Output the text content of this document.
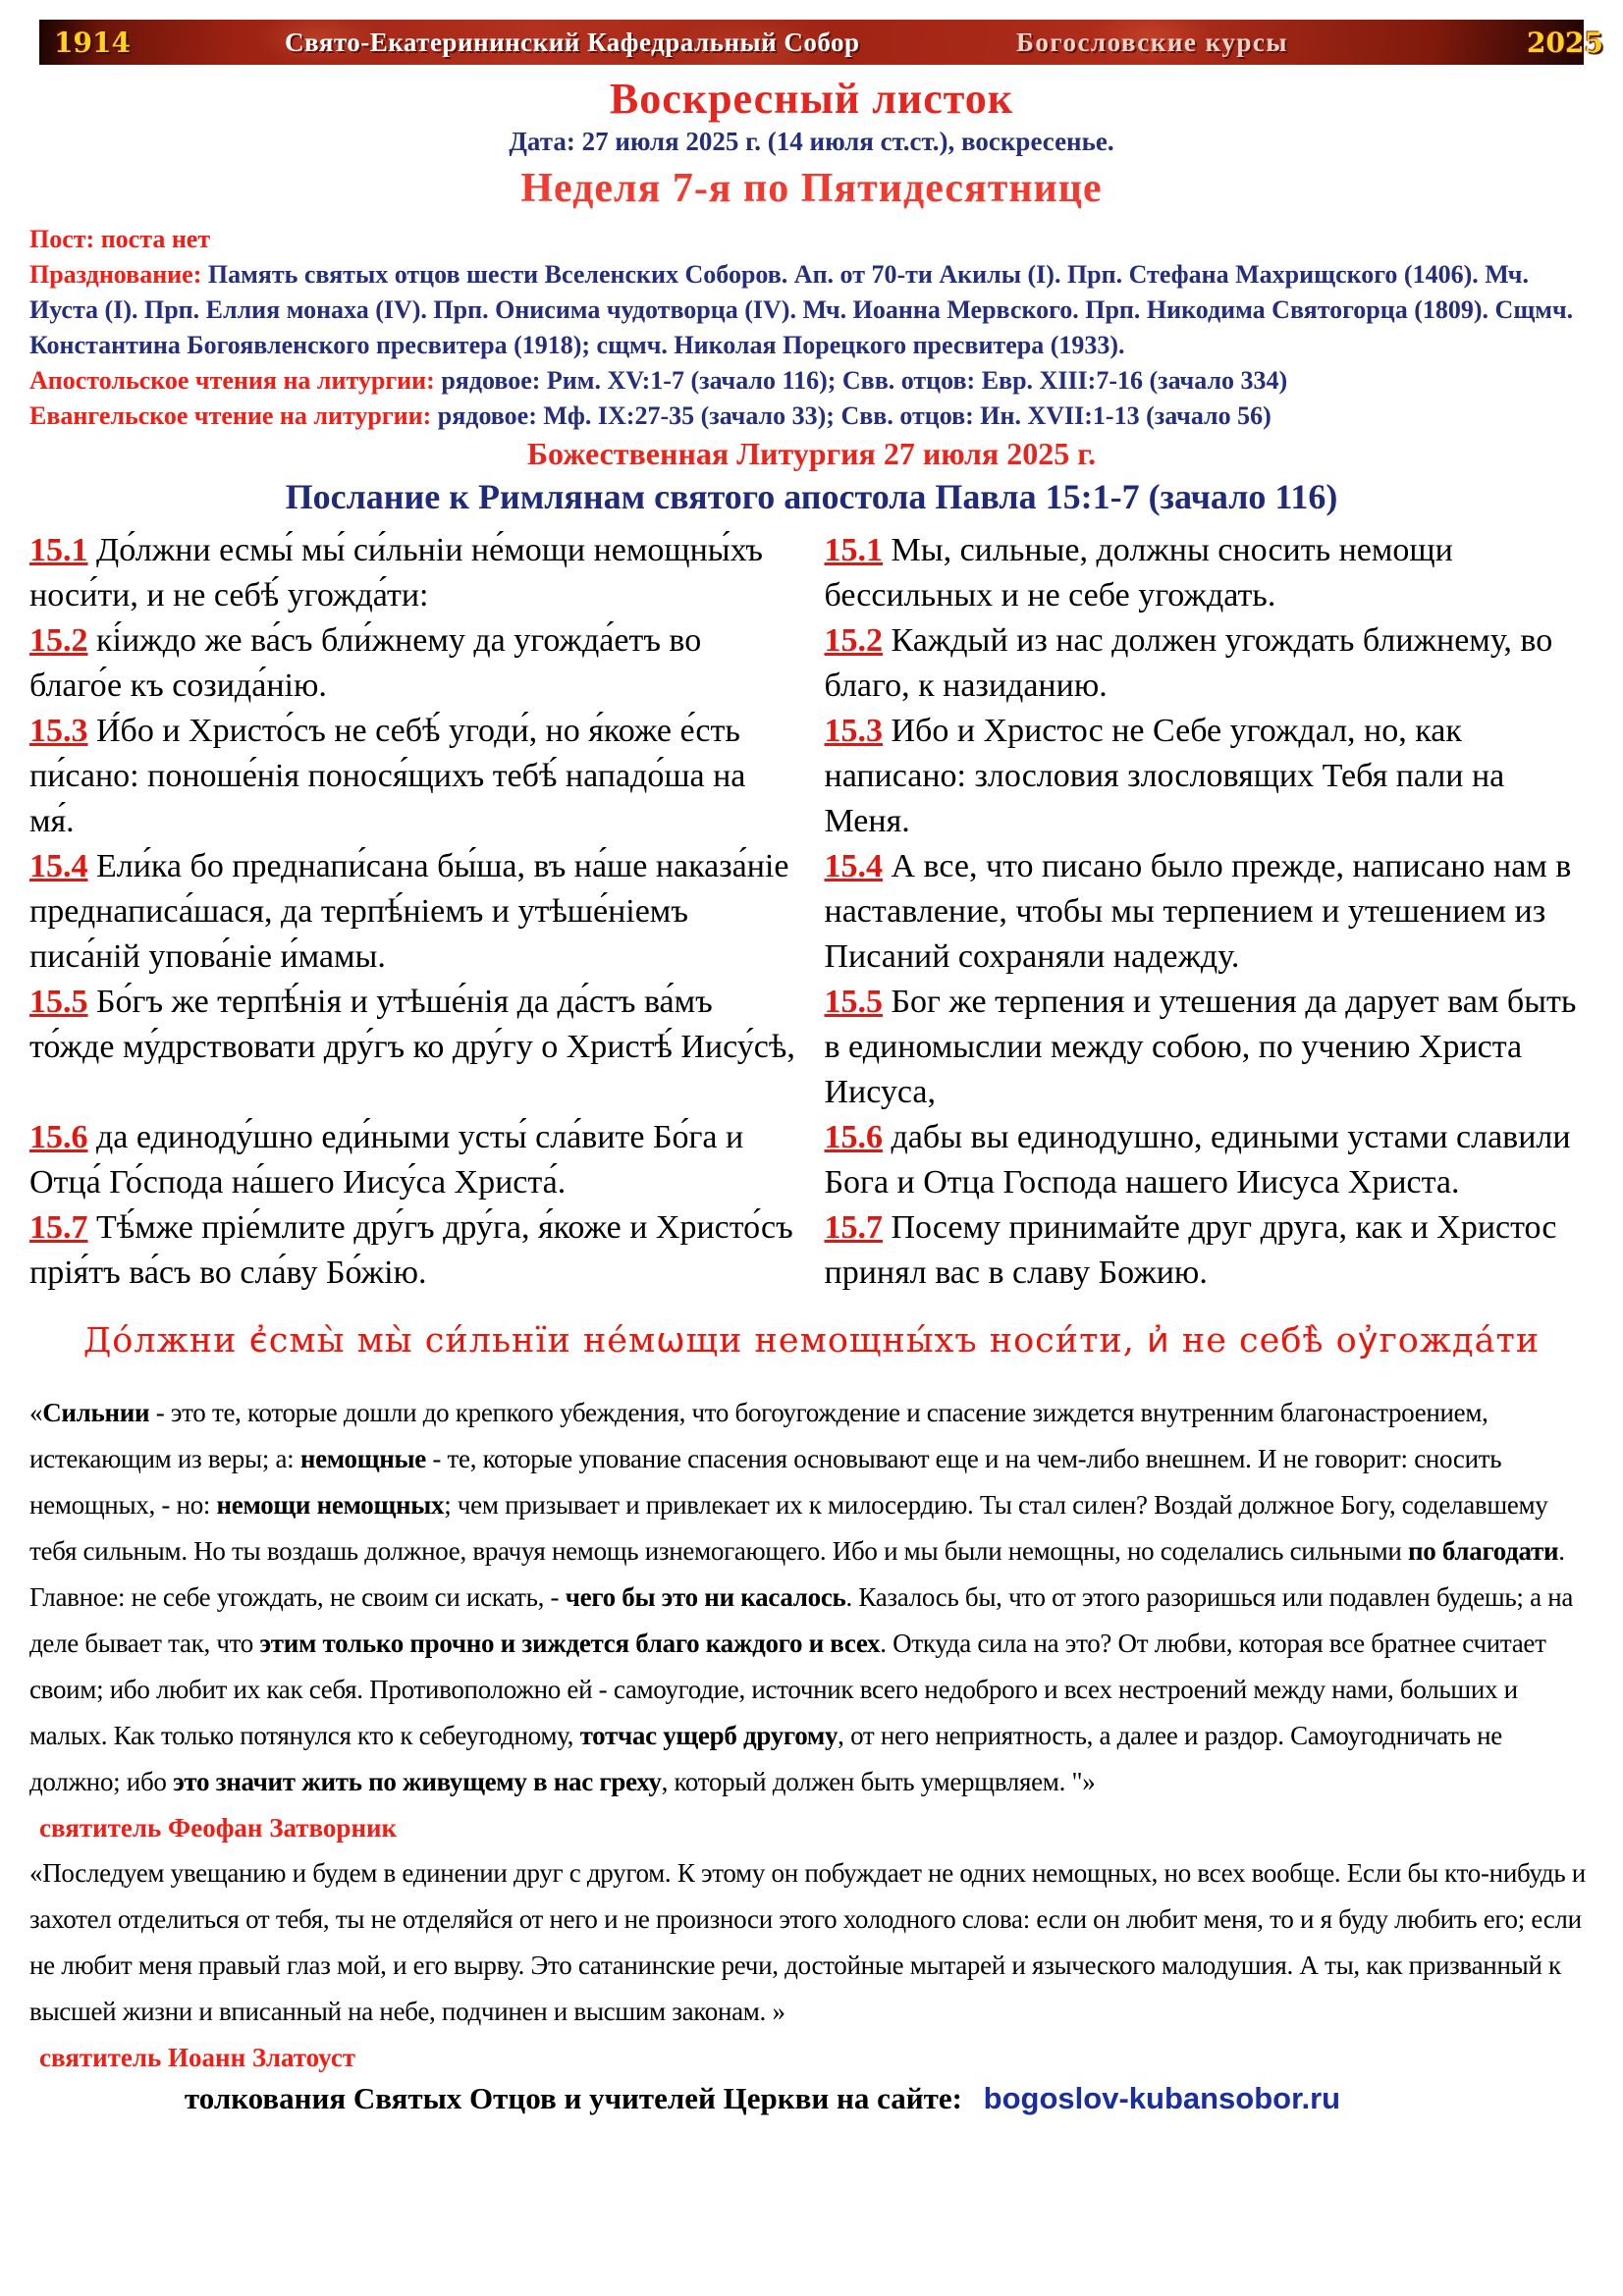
1914	Свято-Екатерининский Кафедральный Собор	Богословские курсы	2025
Воскресный листок
Дата: 27 июля 2025 г. (14 июля ст.ст.), воскресенье.
Неделя 7-я по Пятидесятнице
Пост: поста нет
Празднование: Память святых отцов шести Вселенских Соборов. Ап. от 70-ти Акилы (I). Прп. Стефана Махрищского (1406). Мч. Иуста (I). Прп. Еллия монаха (IV). Прп. Онисима чудотворца (IV). Мч. Иоанна Мервского. Прп. Никодима Святогорца (1809). Сщмч. Константина Богоявленского пресвитера (1918); сщмч. Николая Порецкого пресвитера (1933).
Апостольское чтения на литургии: рядовое: Рим. XV:1-7 (зачало 116); Свв. отцов: Евр. XIII:7-16 (зачало 334)
Евангельское чтение на литургии: рядовое: Мф. IX:27-35 (зачало 33); Свв. отцов: Ин. XVII:1-13 (зачало 56)
Божественная Литургия 27 июля 2025 г.
Послание к Римлянам святого апостола Павла 15:1-7 (зачало 116)
15.1 До́лжни есмы́ мы́ си́льніи не́мощи немощны́хъ носи́ти, и не себѣ́ угожда́ти:
15.1 Мы, сильные, должны сносить немощи бессильных и не себе угождать.
15.2 кі́иждо же ва́съ бли́жнему да угожда́етъ во благо́е къ созида́нію.
15.2 Каждый из нас должен угождать ближнему, во благо, к назиданию.
15.3 И́бо и Христо́съ не себѣ́ угоди́, но я́коже е́сть пи́сано: поноше́нія понося́щихъ тебѣ́ нападо́ша на мя́.
15.3 Ибо и Христос не Себе угождал, но, как написано: злословия злословящих Тебя пали на Меня.
15.4 Ели́ка бо преднапи́сана бы́ша, въ на́ше наказа́ніе преднаписа́шася, да терпѣ́ніемъ и утѣше́ніемъ писа́ній упова́ніе и́мамы.
15.4 А все, что писано было прежде, написано нам в наставление, чтобы мы терпением и утешением из Писаний сохраняли надежду.
15.5 Бо́гъ же терпѣ́нія и утѣше́нія да да́стъ ва́мъ то́жде му́дрствовати дру́гъ ко дру́гу о Христѣ́ Иису́сѣ,
15.5 Бог же терпения и утешения да дарует вам быть в единомыслии между собою, по учению Христа Иисуса,
15.6 да единоду́шно еди́ными усты́ сла́вите Бо́га и Отца́ Го́спода на́шего Иису́са Христа́.
15.6 дабы вы единодушно, едиными устами славили Бога и Отца Господа нашего Иисуса Христа.
15.7 Тѣ́мже пріе́млите дру́гъ дру́га, я́коже и Христо́съ прія́тъ ва́съ во сла́ву Бо́жію.
15.7 Посему принимайте друг друга, как и Христос принял вас в славу Божию.
До́лжни є҆смы̀ мы̀ си́льнїи не́мѡщи немощны́хъ носи́ти, и҆ не себѣ̀ оу҆гожда́ти

«Сильнии - это те, которые дошли до крепкого убеждения, что богоугождение и спасение зиждется внутренним благонастроением, истекающим из веры; а: немощные - те, которые упование спасения основывают еще и на чем-либо внешнем. И не говорит: сносить немощных, - но: немощи немощных; чем призывает и привлекает их к милосердию. Ты стал силен? Воздай должное Богу, соделавшему тебя сильным. Но ты воздашь должное, врачуя немощь изнемогающего. Ибо и мы были немощны, но соделались сильными по благодати. Главное: не себе угождать, не своим си искать, - чего бы это ни касалось. Казалось бы, что от этого разоришься или подавлен будешь; а на деле бывает так, что этим только прочно и зиждется благо каждого и всех. Откуда сила на это? От любви, которая все братнее считает своим; ибо любит их как себя. Противоположно ей - самоугодие, источник всего недоброго и всех нестроений между нами, больших и малых. Как только потянулся кто к себеугодному, тотчас ущерб другому, от него неприятность, а далее и раздор. Самоугодничать не должно; ибо это значит жить по живущему в нас греху, который должен быть умерщвляем. "»

святитель Феофан Затворник

«Последуем увещанию и будем в единении друг с другом. К этому он побуждает не одних немощных, но всех вообще. Если бы кто-нибудь и захотел отделиться от тебя, ты не отделяйся от него и не произноси этого холодного слова: если он любит меня, то и я буду любить его; если не любит меня правый глаз мой, и его вырву. Это сатанинские речи, достойные мытарей и языческого малодушия. А ты, как призванный к высшей жизни и вписанный на небе, подчинен и высшим законам. »

святитель Иоанн Златоуст

толкования Святых Отцов и учителей Церкви на сайте: bogoslov-kubansobor.ru
